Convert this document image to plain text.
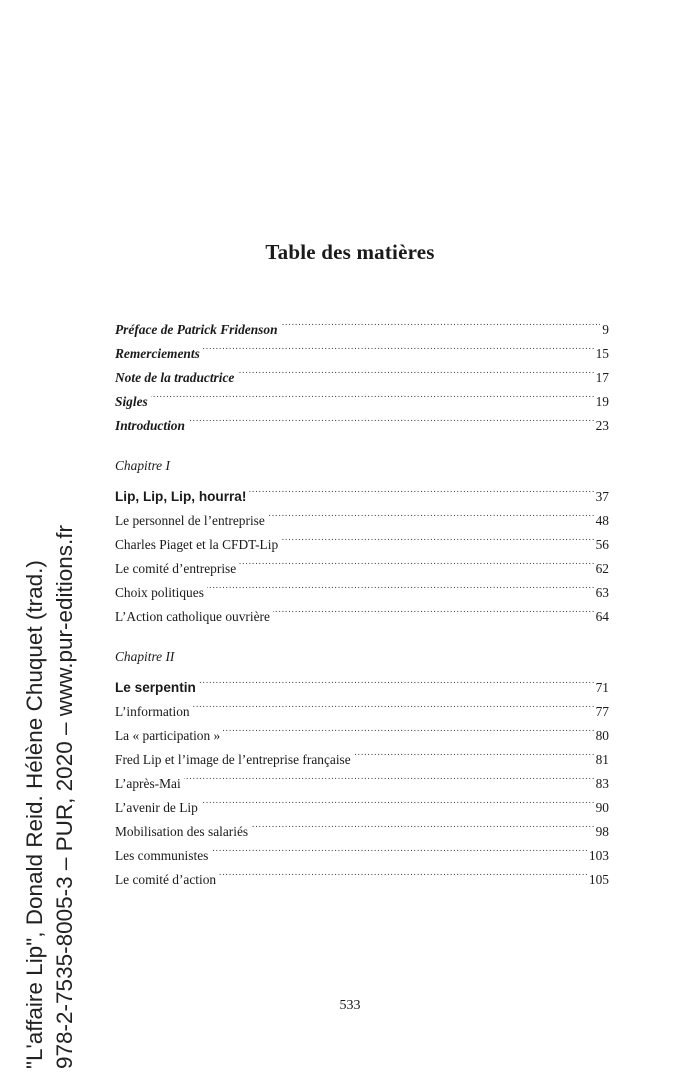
Table des matières
Préface de Patrick Fridenson . . .	9
Remerciements . . .	15
Note de la traductrice . . .	17
Sigles . . .	19
Introduction . . .	23
Chapitre I
Lip, Lip, Lip, hourra! . . .	37
Le personnel de l’entreprise . . .	48
Charles Piaget et la CFDT-Lip . . .	56
Le comité d’entreprise . . .	62
Choix politiques . . .	63
L’Action catholique ouvrière . . .	64
Chapitre II
Le serpentin . . .	71
L’information . . .	77
La « participation » . . .	80
Fred Lip et l’image de l’entreprise française . . .	81
L’après-Mai . . .	83
L’avenir de Lip . . .	90
Mobilisation des salariés . . .	98
Les communistes . . .	103
Le comité d’action . . .	105
"L'affaire Lip", Donald Reid. Hélène Chuquet (trad.) 978-2-7535-8005-3 – PUR, 2020 – www.pur-editions.fr	533
